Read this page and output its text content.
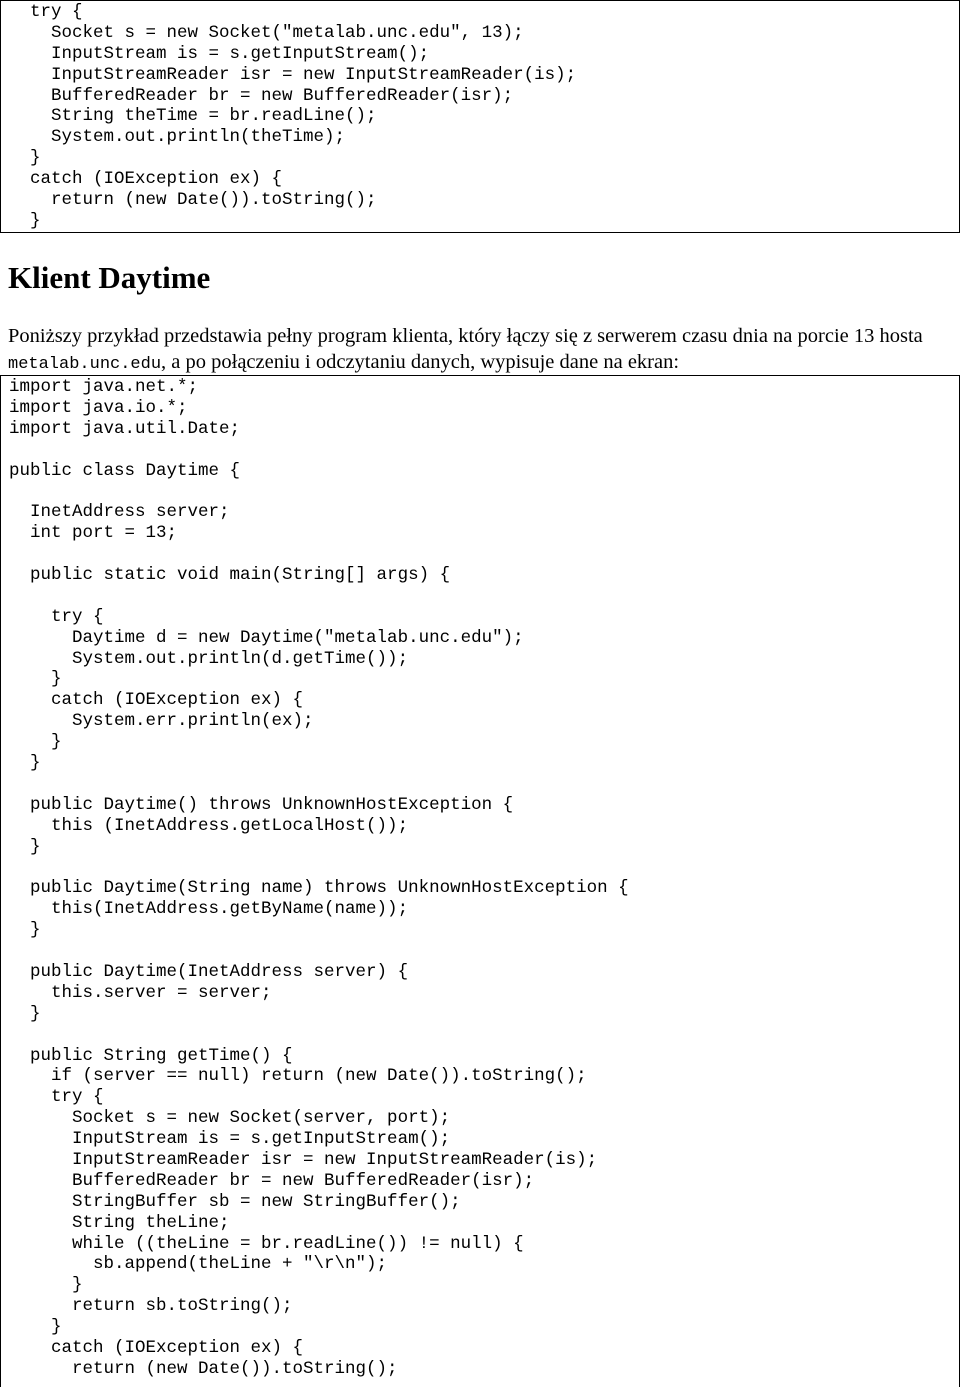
try {
Socket s = new Socket("metalab.unc.edu", 13);
InputStream is = s.getInputStream();
InputStreamReader isr = new InputStreamReader(is);
BufferedReader br = new BufferedReader(isr);
String theTime = br.readLine();
System.out.println(theTime);
}
catch (IOException ex) {
return (new Date()).toString();
}
Klient Daytime

Poniższy przykład przedstawia pełny program klienta, który łączy się z serwerem czasu dnia na porcie 13 hosta metalab.unc.edu, a po połączeniu i odczytaniu danych, wypisuje dane na ekran:

import java.net.*;
import java.io.*;
import java.util.Date;
public class Daytime {
InetAddress server;
int port = 13;
public static void main(String[] args) {
try {
Daytime d = new Daytime("metalab.unc.edu");
System.out.println(d.getTime());
}
catch (IOException ex) {
System.err.println(ex);
}
}
public Daytime() throws UnknownHostException {
this (InetAddress.getLocalHost());
}
public Daytime(String name) throws UnknownHostException {
this(InetAddress.getByName(name));
}
public Daytime(InetAddress server) {
this.server = server;
}
public String getTime() {
if (server == null) return (new Date()).toString();
try {
Socket s = new Socket(server, port);
InputStream is = s.getInputStream();
InputStreamReader isr = new InputStreamReader(is);
BufferedReader br = new BufferedReader(isr);
StringBuffer sb = new StringBuffer();
String theLine;
while ((theLine = br.readLine()) != null) {
sb.append(theLine + "\r\n");
}
return sb.toString();
}
catch (IOException ex) {
return (new Date()).toString();
